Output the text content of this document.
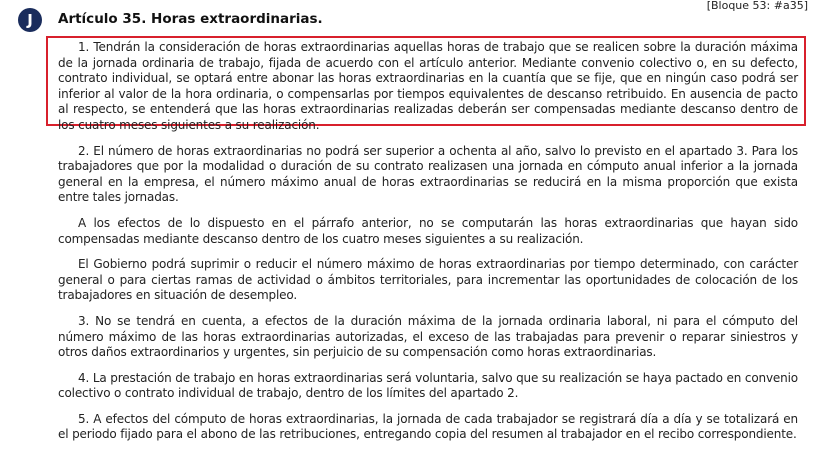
[Bloque 53: #a35]
J	Artículo 35. Horas extraordinarias.

1. Tendrán la consideración de horas extraordinarias aquellas horas de trabajo que se realicen sobre la duración máxima de la jornada ordinaria de trabajo, fijada de acuerdo con el artículo anterior. Mediante convenio colectivo o, en su defecto, contrato individual, se optará entre abonar las horas extraordinarias en la cuantía que se fije, que en ningún caso podrá ser inferior al valor de la hora ordinaria, o compensarlas por tiempos equivalentes de descanso retribuido. En ausencia de pacto al respecto, se entenderá que las horas extraordinarias realizadas deberán ser compensadas mediante descanso dentro de los cuatro meses siguientes a su realización.

2. El número de horas extraordinarias no podrá ser superior a ochenta al año, salvo lo previsto en el apartado 3. Para los trabajadores que por la modalidad o duración de su contrato realizasen una jornada en cómputo anual inferior a la jornada general en la empresa, el número máximo anual de horas extraordinarias se reducirá en la misma proporción que exista entre tales jornadas.

A los efectos de lo dispuesto en el párrafo anterior, no se computarán las horas extraordinarias que hayan sido compensadas mediante descanso dentro de los cuatro meses siguientes a su realización.

El Gobierno podrá suprimir o reducir el número máximo de horas extraordinarias por tiempo determinado, con carácter general o para ciertas ramas de actividad o ámbitos territoriales, para incrementar las oportunidades de colocación de los trabajadores en situación de desempleo.

3. No se tendrá en cuenta, a efectos de la duración máxima de la jornada ordinaria laboral, ni para el cómputo del número máximo de las horas extraordinarias autorizadas, el exceso de las trabajadas para prevenir o reparar siniestros y otros daños extraordinarios y urgentes, sin perjuicio de su compensación como horas extraordinarias.

4. La prestación de trabajo en horas extraordinarias será voluntaria, salvo que su realización se haya pactado en convenio colectivo o contrato individual de trabajo, dentro de los límites del apartado 2.

5. A efectos del cómputo de horas extraordinarias, la jornada de cada trabajador se registrará día a día y se totalizará en el periodo fijado para el abono de las retribuciones, entregando copia del resumen al trabajador en el recibo correspondiente.
